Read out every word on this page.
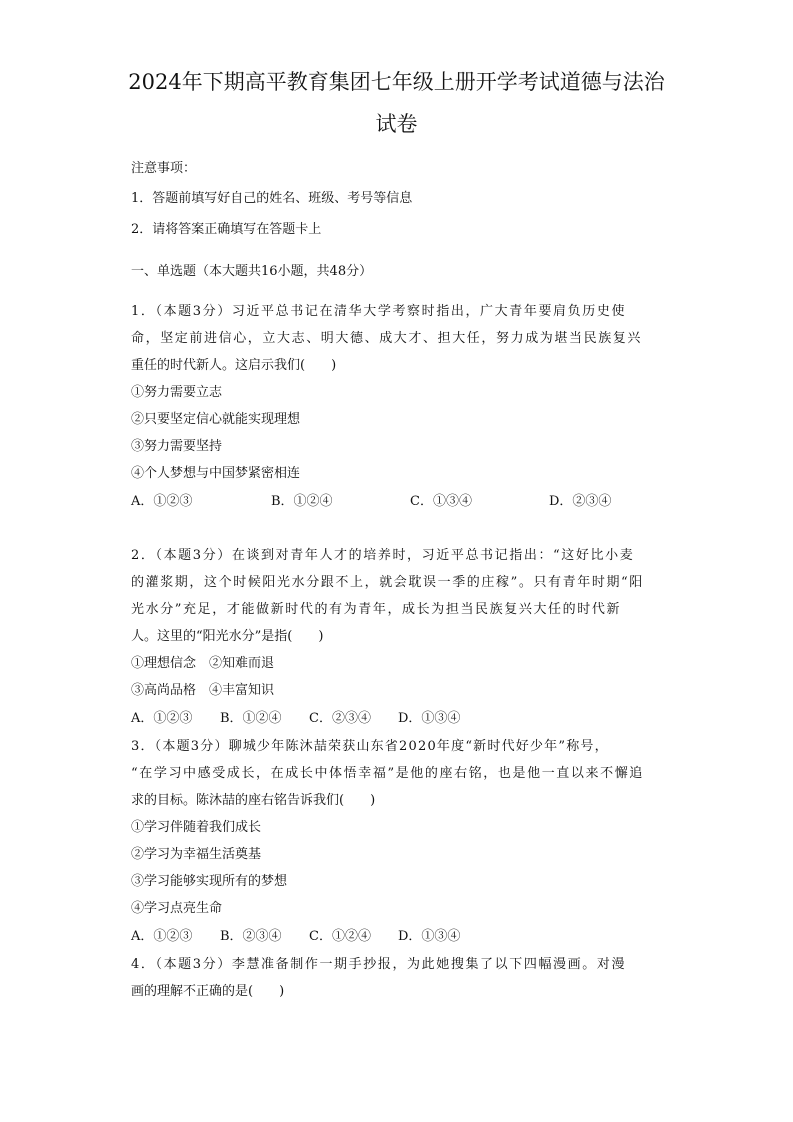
2024年下期高平教育集团七年级上册开学考试道德与法治
试卷
注意事项：
1．答题前填写好自己的姓名、班级、考号等信息
2．请将答案正确填写在答题卡上
一、单选题（本大题共16小题，共48分）
1．（本题3分）习近平总书记在清华大学考察时指出，广大青年要肩负历史使
命，坚定前进信心，立大志、明大德、成大才、担大任，努力成为堪当民族复兴
重任的时代新人。这启示我们(　　)
①努力需要立志
②只要坚定信心就能实现理想
③努力需要坚持
④个人梦想与中国梦紧密相连
A．①②③	B．①②④	C．①③④	D．②③④
2．（本题3分）在谈到对青年人才的培养时，习近平总书记指出：“这好比小麦
的灌浆期，这个时候阳光水分跟不上，就会耽误一季的庄稼”。只有青年时期“阳
光水分”充足，才能做新时代的有为青年，成长为担当民族复兴大任的时代新
人。这里的“阳光水分”是指(　　)
①理想信念　②知难而退
③高尚品格　④丰富知识
A．①②③ B．①②④ C．②③④ D．①③④
3．（本题3分）聊城少年陈沐喆荣获山东省2020年度“新时代好少年”称号，
“在学习中感受成长，在成长中体悟幸福”是他的座右铭，也是他一直以来不懈追
求的目标。陈沐喆的座右铭告诉我们(　　)
①学习伴随着我们成长
②学习为幸福生活奠基
③学习能够实现所有的梦想
④学习点亮生命
A．①②③ B．②③④ C．①②④ D．①③④
4．（本题3分）李慧准备制作一期手抄报，为此她搜集了以下四幅漫画。对漫
画的理解不正确的是(　　)
